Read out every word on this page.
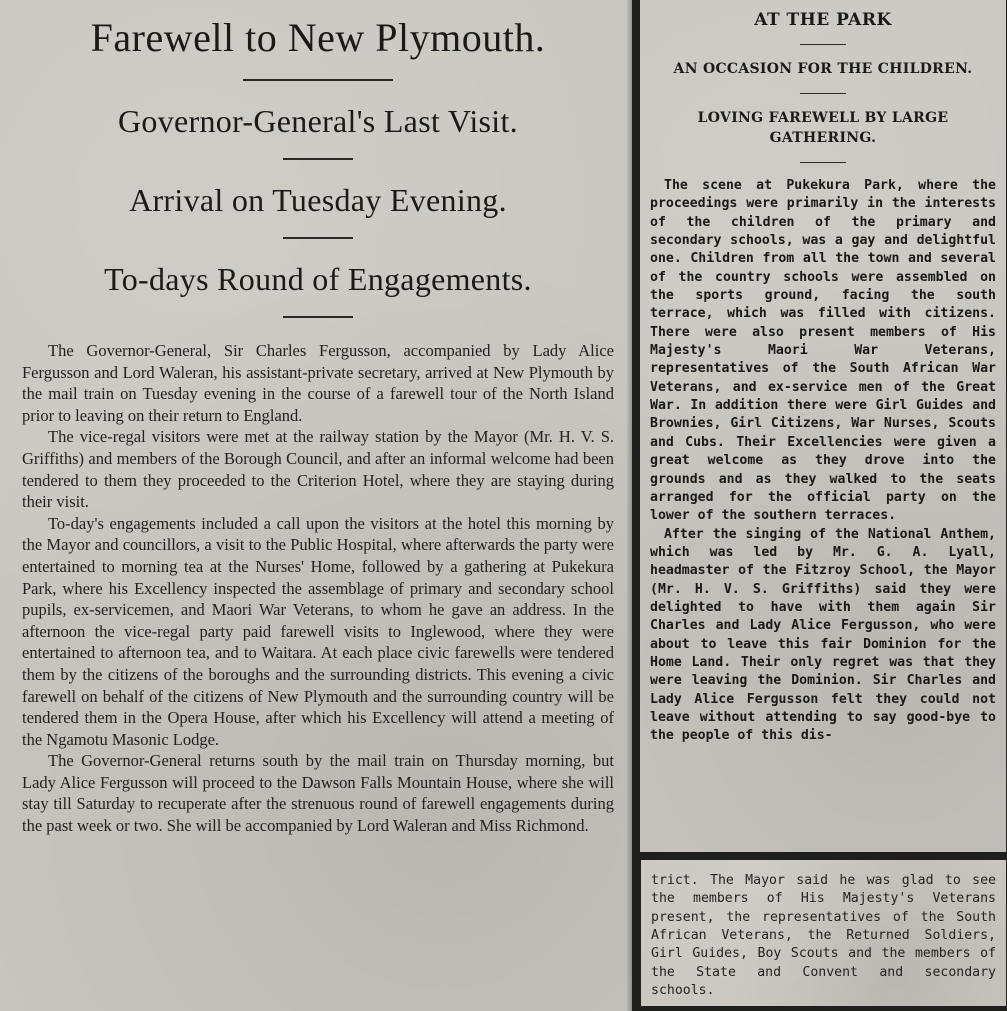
Farewell to New Plymouth.
Governor-General's Last Visit.
Arrival on Tuesday Evening.
To-days Round of Engagements.

The Governor-General, Sir Charles Fergusson, accompanied by Lady Alice Fergusson and Lord Waleran, his assistant-private secretary, arrived at New Plymouth by the mail train on Tuesday evening in the course of a farewell tour of the North Island prior to leaving on their return to England.

The vice-regal visitors were met at the railway station by the Mayor (Mr. H. V. S. Griffiths) and members of the Borough Council, and after an informal welcome had been tendered to them they proceeded to the Criterion Hotel, where they are staying during their visit.

To-day's engagements included a call upon the visitors at the hotel this morning by the Mayor and councillors, a visit to the Public Hospital, where afterwards the party were entertained to morning tea at the Nurses' Home, followed by a gathering at Pukekura Park, where his Excellency inspected the assemblage of primary and secondary school pupils, ex-servicemen, and Maori War Veterans, to whom he gave an address. In the afternoon the vice-regal party paid farewell visits to Inglewood, where they were entertained to afternoon tea, and to Waitara. At each place civic farewells were tendered them by the citizens of the boroughs and the surrounding districts. This evening a civic farewell on behalf of the citizens of New Plymouth and the surrounding country will be tendered them in the Opera House, after which his Excellency will attend a meeting of the Ngamotu Masonic Lodge.

The Governor-General returns south by the mail train on Thursday morning, but Lady Alice Fergusson will proceed to the Dawson Falls Mountain House, where she will stay till Saturday to recuperate after the strenuous round of farewell engagements during the past week or two. She will be accompanied by Lord Waleran and Miss Richmond.

AT THE PARK
AN OCCASION FOR THE CHILDREN.
LOVING FAREWELL BY LARGE GATHERING.

The scene at Pukekura Park, where the proceedings were primarily in the interests of the children of the primary and secondary schools, was a gay and delightful one. Children from all the town and several of the country schools were assembled on the sports ground, facing the south terrace, which was filled with citizens. There were also present members of His Majesty's Maori War Veterans, representatives of the South African War Veterans, and ex-service men of the Great War. In addition there were Girl Guides and Brownies, Girl Citizens, War Nurses, Scouts and Cubs. Their Excellencies were given a great welcome as they drove into the grounds and as they walked to the seats arranged for the official party on the lower of the southern terraces.

After the singing of the National Anthem, which was led by Mr. G. A. Lyall, headmaster of the Fitzroy School, the Mayor (Mr. H. V. S. Griffiths) said they were delighted to have with them again Sir Charles and Lady Alice Fergusson, who were about to leave this fair Dominion for the Home Land. Their only regret was that they were leaving the Dominion. Sir Charles and Lady Alice Fergusson felt they could not leave without attending to say good-bye to the people of this dis-

trict. The Mayor said he was glad to see the members of His Majesty's Veterans present, the representatives of the South African Veterans, the Returned Soldiers, Girl Guides, Boy Scouts and the members of the State and Convent and secondary schools.
